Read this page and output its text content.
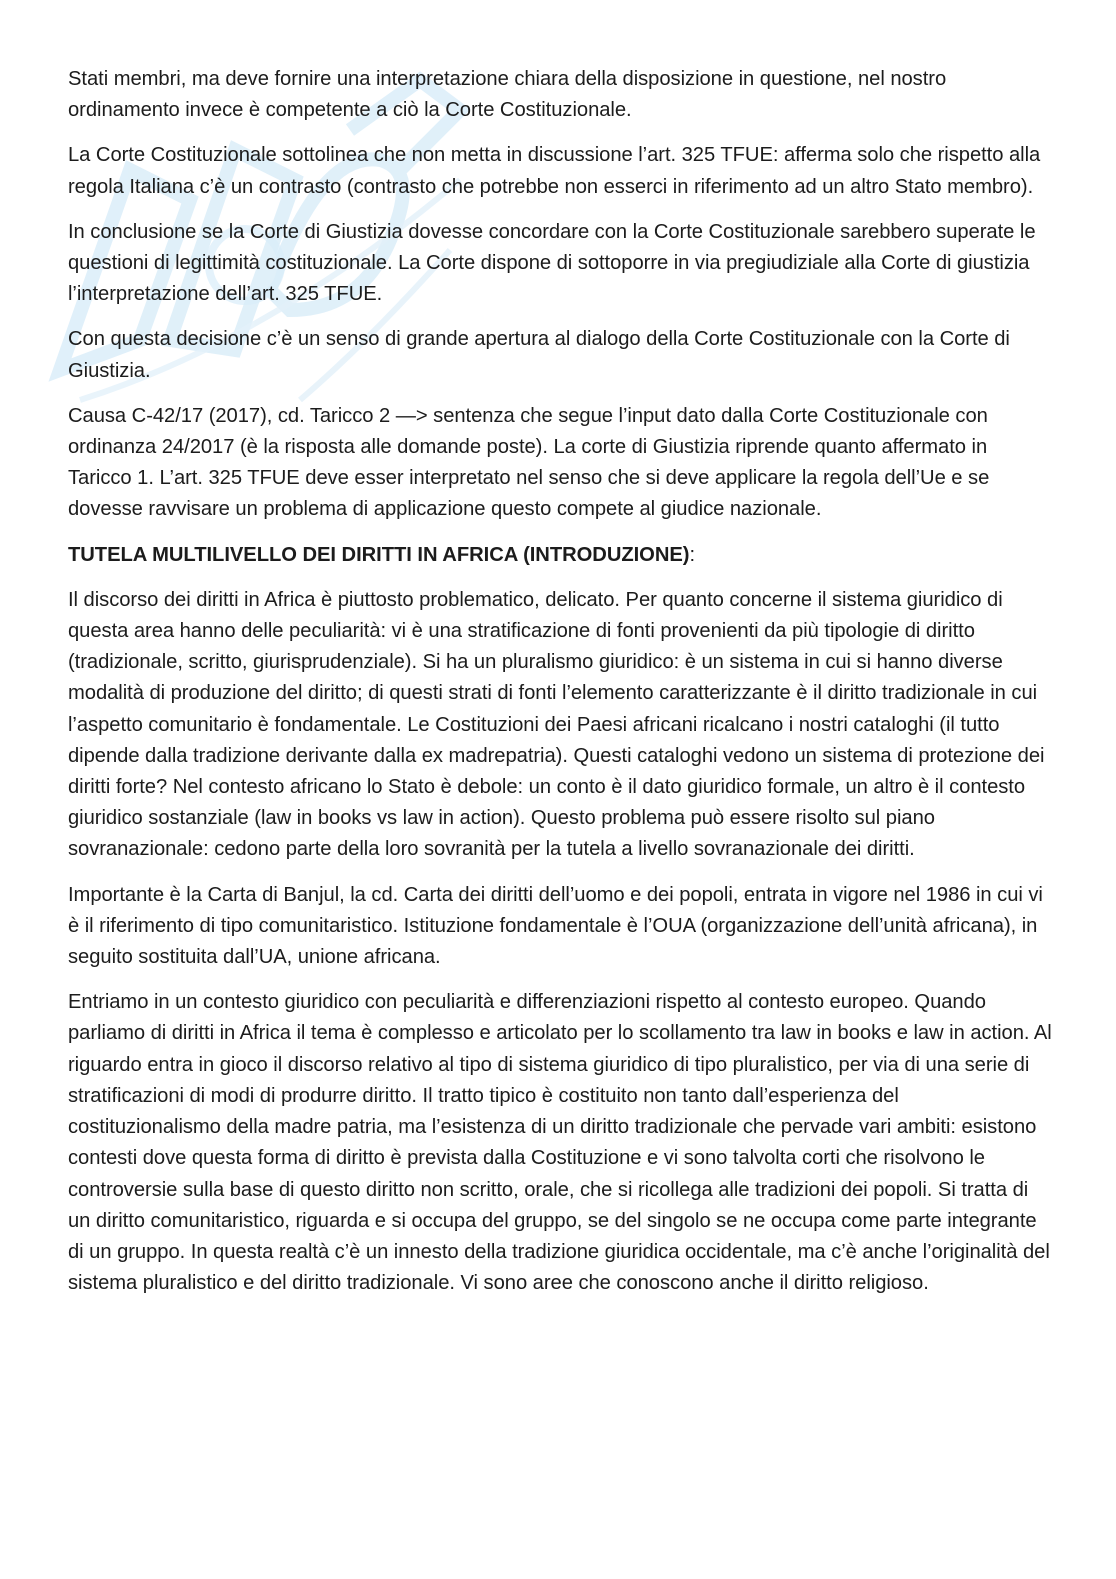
Stati membri, ma deve fornire una interpretazione chiara della disposizione in questione, nel nostro ordinamento invece è competente a ciò la Corte Costituzionale.

La Corte Costituzionale sottolinea che non metta in discussione l’art. 325 TFUE: afferma solo che rispetto alla regola Italiana c’è un contrasto (contrasto che potrebbe non esserci in riferimento ad un altro Stato membro).

In conclusione se la Corte di Giustizia dovesse concordare con la Corte Costituzionale sarebbero superate le questioni di legittimità costituzionale. La Corte dispone di sottoporre in via pregiudiziale alla Corte di giustizia l’interpretazione dell’art. 325 TFUE.

Con questa decisione c’è un senso di grande apertura al dialogo della Corte Costituzionale con la Corte di Giustizia.

Causa C-42/17 (2017), cd. Taricco 2 —> sentenza che segue l’input dato dalla Corte Costituzionale con ordinanza 24/2017 (è la risposta alle domande poste). La corte di Giustizia riprende quanto affermato in Taricco 1. L’art. 325 TFUE deve esser interpretato nel senso che si deve applicare la regola dell’Ue e se dovesse ravvisare un problema di applicazione questo compete al giudice nazionale.

TUTELA MULTILIVELLO DEI DIRITTI IN AFRICA (INTRODUZIONE):

Il discorso dei diritti in Africa è piuttosto problematico, delicato. Per quanto concerne il sistema giuridico di questa area hanno delle peculiarità: vi è una stratificazione di fonti provenienti da più tipologie di diritto (tradizionale, scritto, giurisprudenziale). Si ha un pluralismo giuridico: è un sistema in cui si hanno diverse modalità di produzione del diritto; di questi strati di fonti l’elemento caratterizzante è il diritto tradizionale in cui l’aspetto comunitario è fondamentale. Le Costituzioni dei Paesi africani ricalcano i nostri cataloghi (il tutto dipende dalla tradizione derivante dalla ex madrepatria). Questi cataloghi vedono un sistema di protezione dei diritti forte? Nel contesto africano lo Stato è debole: un conto è il dato giuridico formale, un altro è il contesto giuridico sostanziale (law in books vs law in action). Questo problema può essere risolto sul piano sovranazionale: cedono parte della loro sovranità per la tutela a livello sovranazionale dei diritti.

Importante è la Carta di Banjul, la cd. Carta dei diritti dell’uomo e dei popoli, entrata in vigore nel 1986 in cui vi è il riferimento di tipo comunitaristico. Istituzione fondamentale è l’OUA (organizzazione dell’unità africana), in seguito sostituita dall’UA, unione africana.

Entriamo in un contesto giuridico con peculiarità e differenziazioni rispetto al contesto europeo. Quando parliamo di diritti in Africa il tema è complesso e articolato per lo scollamento tra law in books e law in action. Al riguardo entra in gioco il discorso relativo al tipo di sistema giuridico di tipo pluralistico, per via di una serie di stratificazioni di modi di produrre diritto. Il tratto tipico è costituito non tanto dall’esperienza del costituzionalismo della madre patria, ma l’esistenza di un diritto tradizionale che pervade vari ambiti: esistono contesti dove questa forma di diritto è prevista dalla Costituzione e vi sono talvolta corti che risolvono le controversie sulla base di questo diritto non scritto, orale, che si ricollega alle tradizioni dei popoli. Si tratta di un diritto comunitaristico, riguarda e si occupa del gruppo, se del singolo se ne occupa come parte integrante di un gruppo. In questa realtà c’è un innesto della tradizione giuridica occidentale, ma c’è anche l’originalità del sistema pluralistico e del diritto tradizionale. Vi sono aree che conoscono anche il diritto religioso.
